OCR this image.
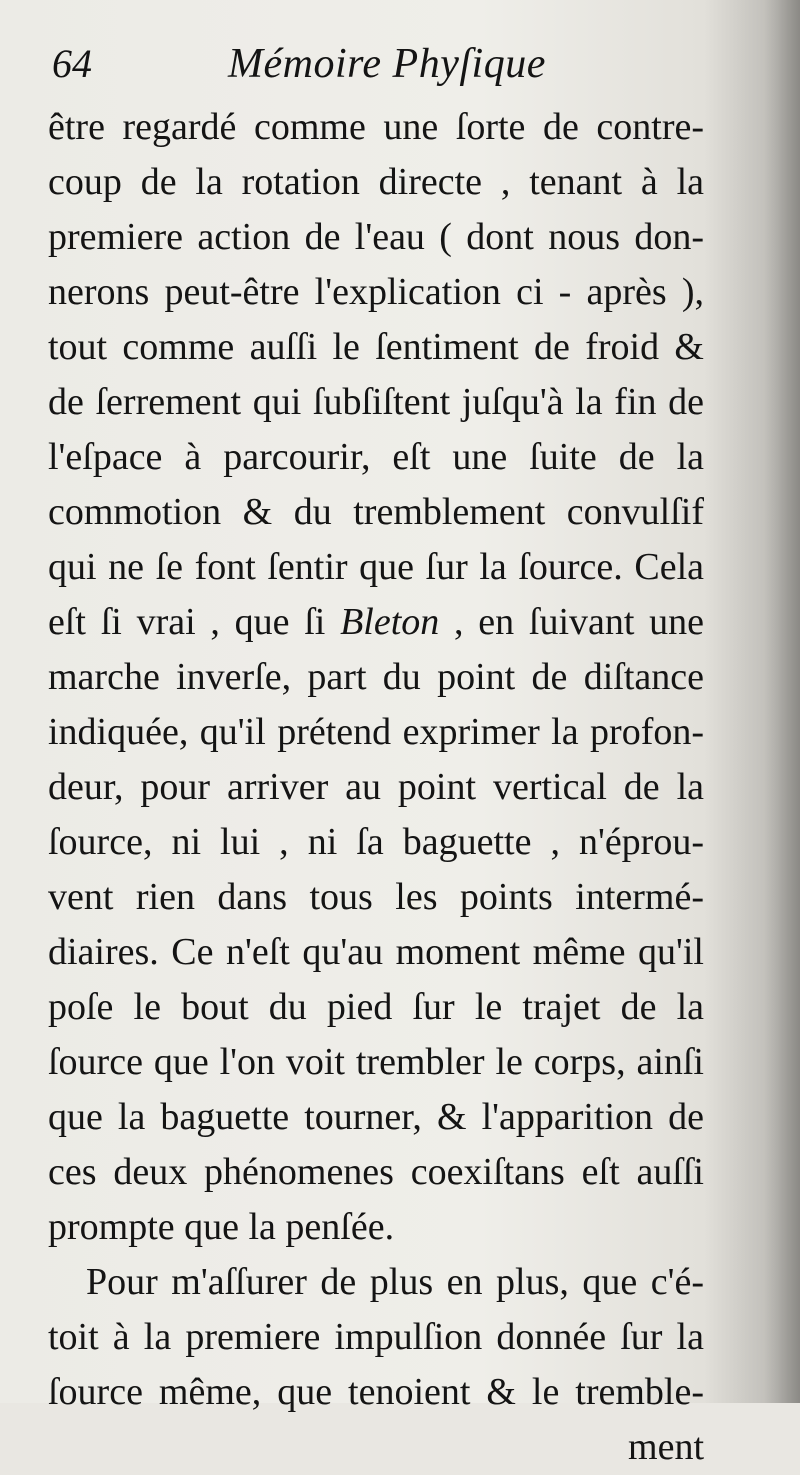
64	Mémoire Phyſique
être regardé comme une ſorte de contre-
coup de la rotation directe , tenant à la
premiere action de l'eau ( dont nous don-
nerons peut-être l'explication ci - après ),
tout comme auſſi le ſentiment de froid &
de ſerrement qui ſubſiſtent juſqu'à la fin de
l'eſpace à parcourir, eſt une ſuite de la
commotion & du tremblement convulſif
qui ne ſe font ſentir que ſur la ſource. Cela
eſt ſi vrai , que ſi Bleton , en ſuivant une
marche inverſe, part du point de diſtance
indiquée, qu'il prétend exprimer la profon-
deur, pour arriver au point vertical de la
ſource, ni lui , ni ſa baguette , n'éprou-
vent rien dans tous les points intermé-
diaires. Ce n'eſt qu'au moment même qu'il
poſe le bout du pied ſur le trajet de la
ſource que l'on voit trembler le corps, ainſi
que la baguette tourner, & l'apparition de
ces deux phénomenes coexiſtans eſt auſſi
prompte que la penſée.
Pour m'aſſurer de plus en plus, que c'é-
toit à la premiere impulſion donnée ſur la
ſource même, que tenoient & le tremble-
ment
